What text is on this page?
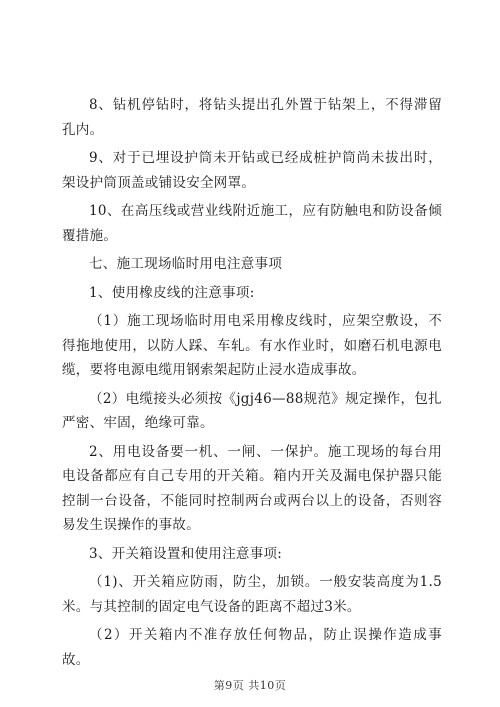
8、钻机停钻时，将钻头提出孔外置于钻架上，不得滞留孔内。

9、对于已埋设护筒未开钻或已经成桩护筒尚未拔出时，架设护筒顶盖或铺设安全网罩。

10、在高压线或营业线附近施工，应有防触电和防设备倾覆措施。

七、施工现场临时用电注意事项

1、使用橡皮线的注意事项:

（1）施工现场临时用电采用橡皮线时，应架空敷设，不得拖地使用，以防人踩、车轧。有水作业时，如磨石机电源电缆，要将电源电缆用钢索架起防止浸水造成事故。

（2）电缆接头必须按《jgj46—88规范》规定操作，包扎严密、牢固，绝缘可靠。

2、用电设备要一机、一闸、一保护。施工现场的每台用电设备都应有自己专用的开关箱。箱内开关及漏电保护器只能控制一台设备，不能同时控制两台或两台以上的设备，否则容易发生误操作的事故。

3、开关箱设置和使用注意事项:

（1)、开关箱应防雨，防尘，加锁。一般安装高度为1.5米。与其控制的固定电气设备的距离不超过3米。

（2）开关箱内不准存放任何物品，防止误操作造成事故。

第9页 共10页
